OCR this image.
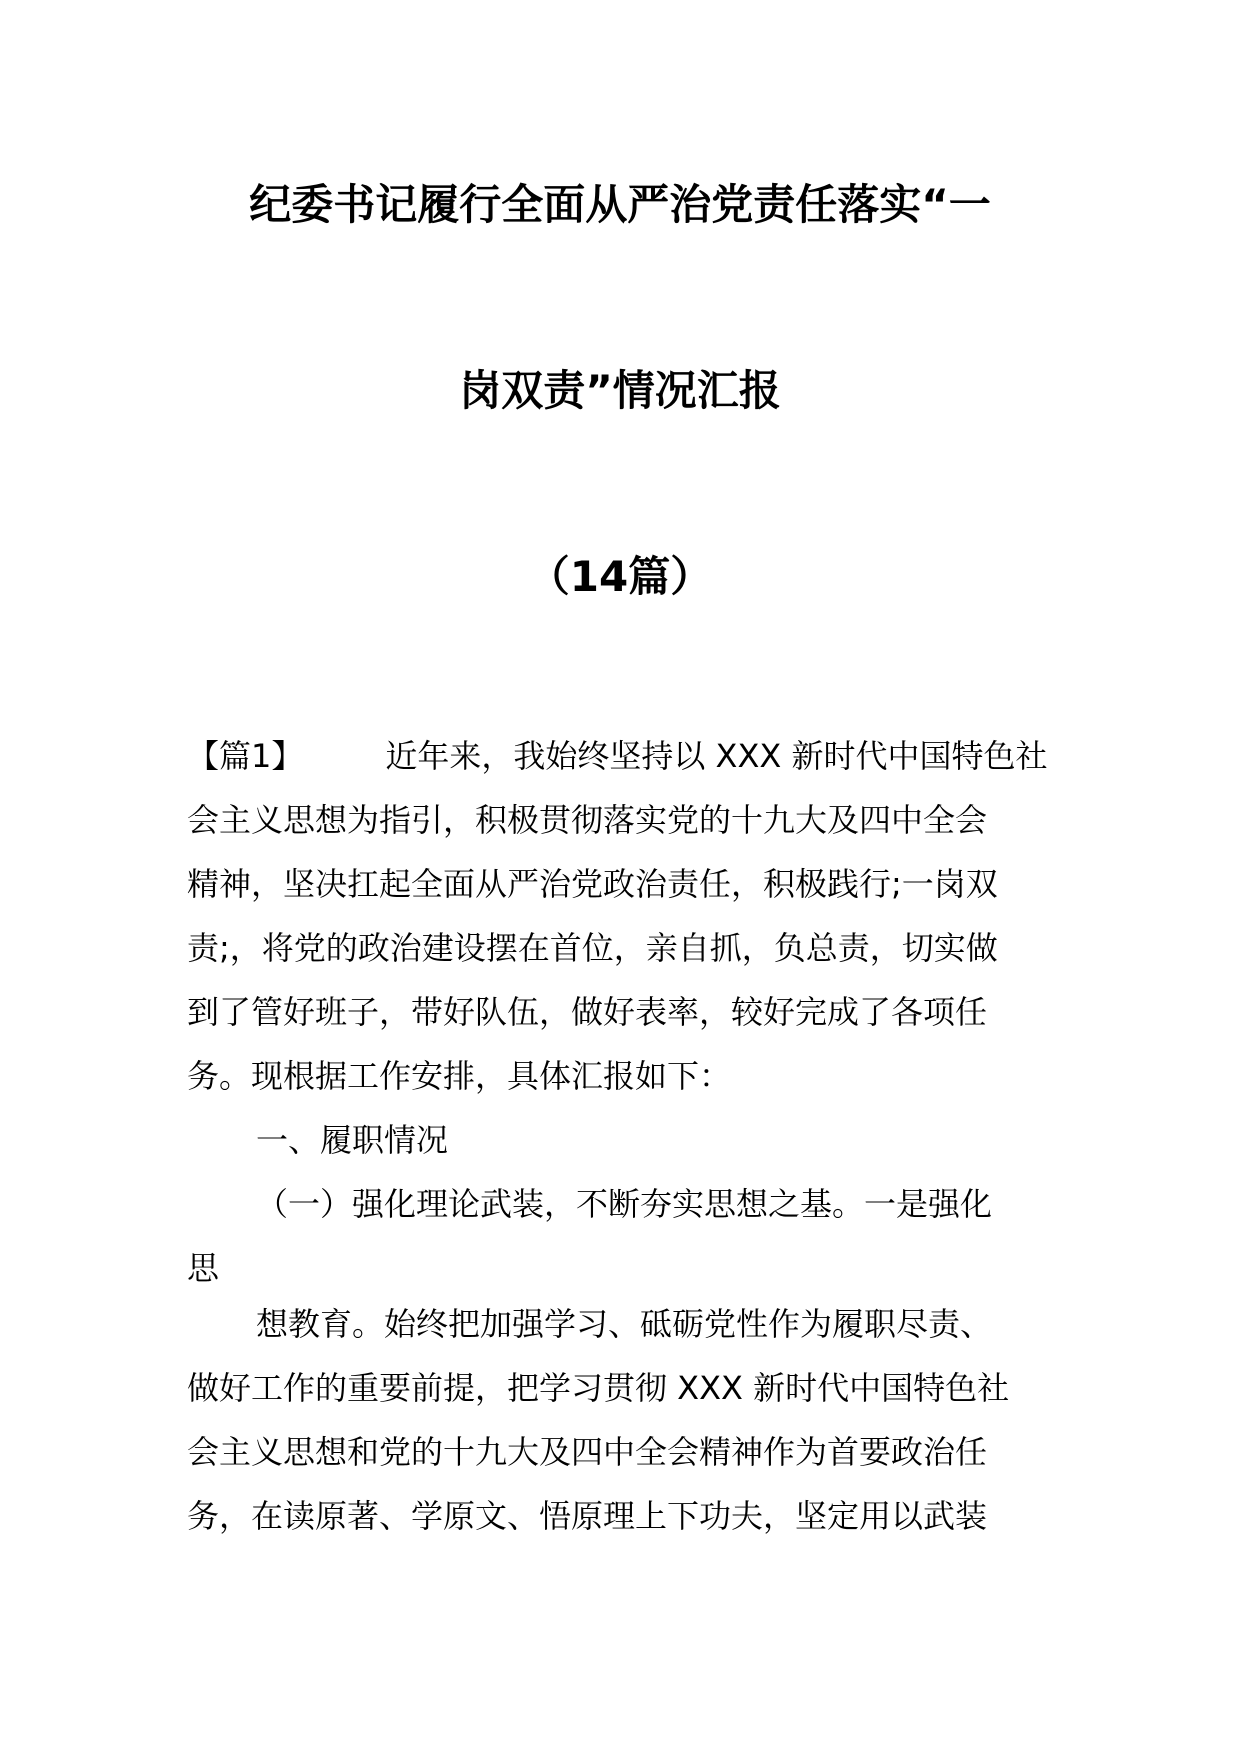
纪委书记履行全面从严治党责任落实“一
岗双责”情况汇报
（14篇）
【篇1】	近年来，我始终坚持以 XXX 新时代中国特色社
会主义思想为指引，积极贯彻落实党的十九大及四中全会
精神，坚决扛起全面从严治党政治责任，积极践行;一岗双
责;，将党的政治建设摆在首位，亲自抓，负总责，切实做
到了管好班子，带好队伍，做好表率，较好完成了各项任
务。现根据工作安排，具体汇报如下：
一、履职情况
（一）强化理论武装，不断夯实思想之基。一是强化
思
想教育。始终把加强学习、砥砺党性作为履职尽责、
做好工作的重要前提，把学习贯彻 XXX 新时代中国特色社
会主义思想和党的十九大及四中全会精神作为首要政治任
务，在读原著、学原文、悟原理上下功夫，坚定用以武装
